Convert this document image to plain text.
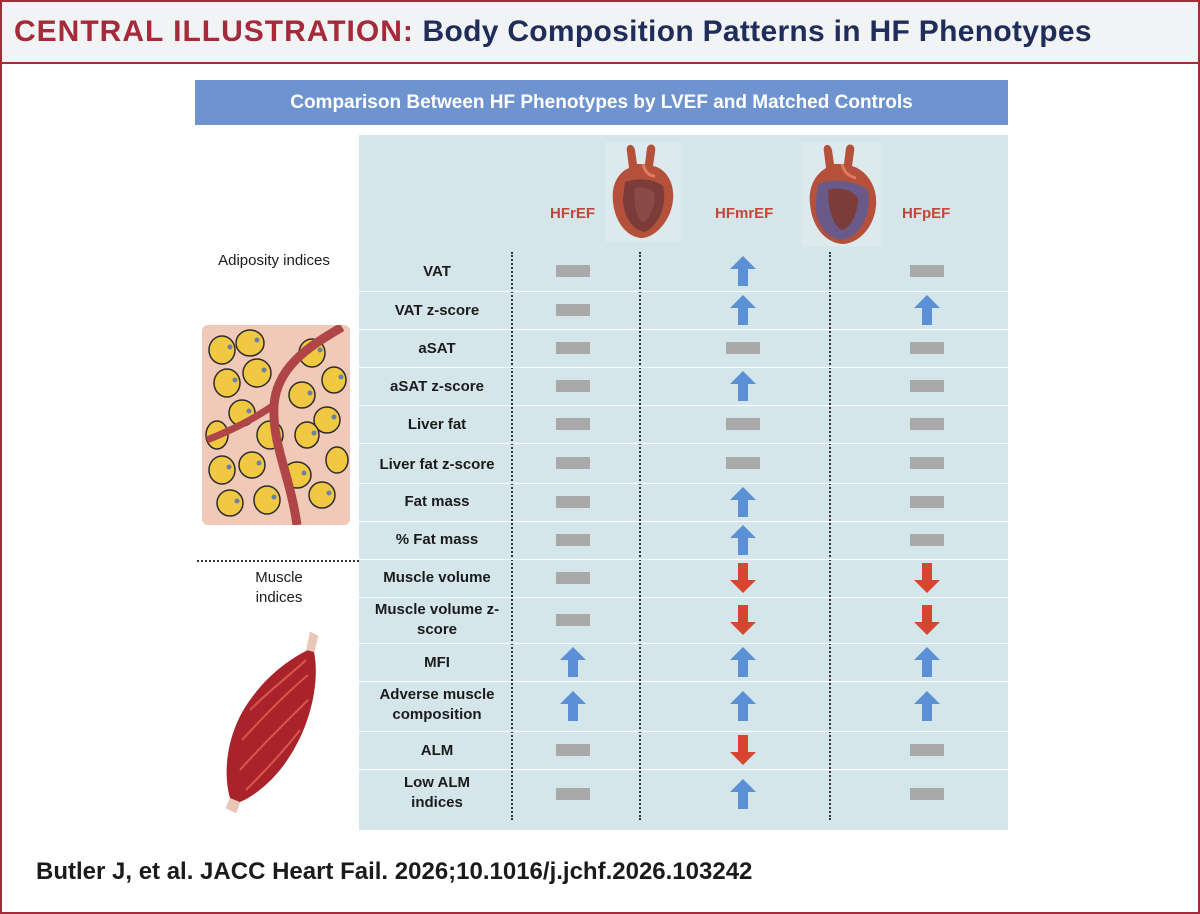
CENTRAL ILLUSTRATION: Body Composition Patterns in HF Phenotypes
Comparison Between HF Phenotypes by LVEF and Matched Controls
HFrEF	HFmrEF	HFpEF
VAT
VAT z-score
aSAT
aSAT z-score
Liver fat
Liver fat z-score
Fat mass
% Fat mass
Muscle volume
Muscle volume z-score
MFI
Adverse muscle composition
ALM
Low ALM indices
Adiposity indices
Muscle indices
Butler J, et al. JACC Heart Fail. 2026;10.1016/j.jchf.2026.103242
